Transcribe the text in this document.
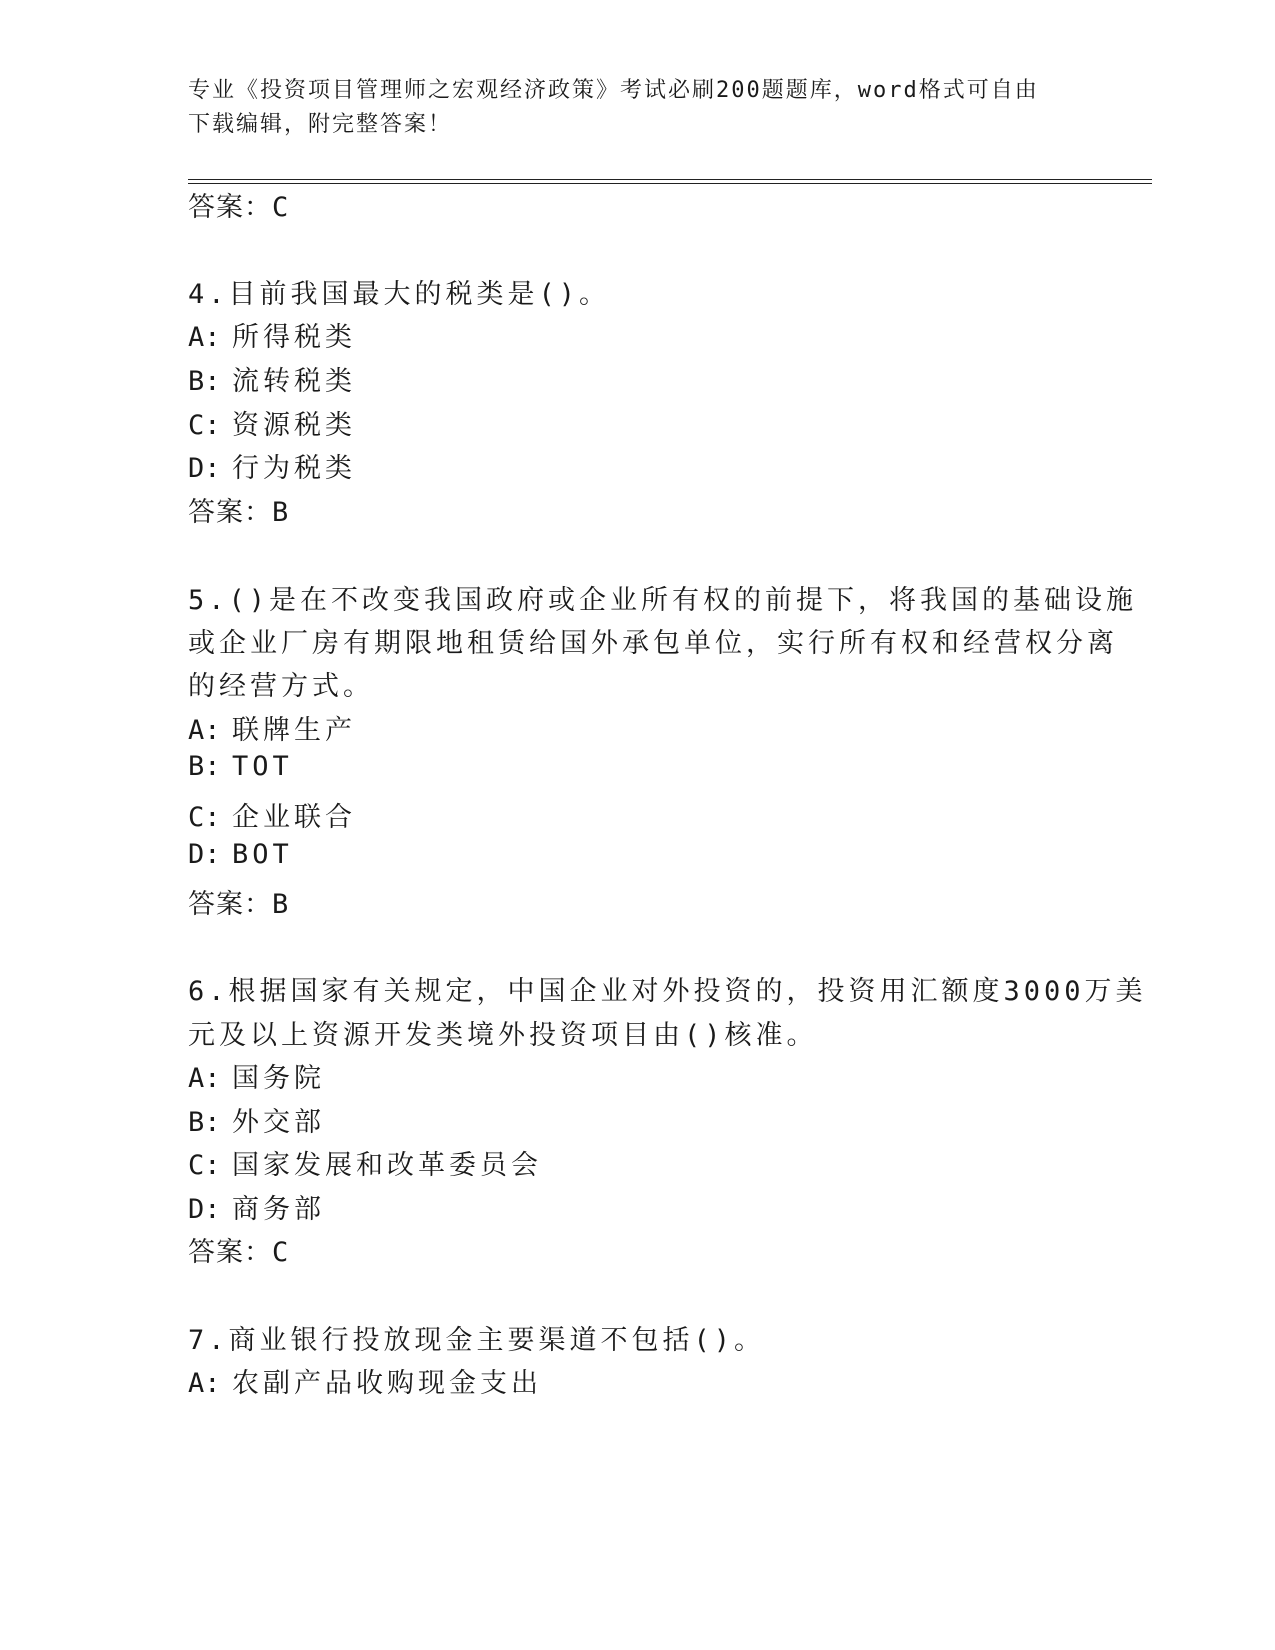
专业《投资项目管理师之宏观经济政策》考试必刷200题题库，word格式可自由
下载编辑，附完整答案！
答案：C
4.目前我国最大的税类是()。
A: 所得税类
B: 流转税类
C: 资源税类
D: 行为税类
答案：B
5.()是在不改变我国政府或企业所有权的前提下，将我国的基础设施
或企业厂房有期限地租赁给国外承包单位，实行所有权和经营权分离
的经营方式。
A: 联牌生产
B: TOT
C: 企业联合
D: BOT
答案：B
6.根据国家有关规定，中国企业对外投资的，投资用汇额度3000万美
元及以上资源开发类境外投资项目由()核准。
A: 国务院
B: 外交部
C: 国家发展和改革委员会
D: 商务部
答案：C
7.商业银行投放现金主要渠道不包括()。
A: 农副产品收购现金支出
